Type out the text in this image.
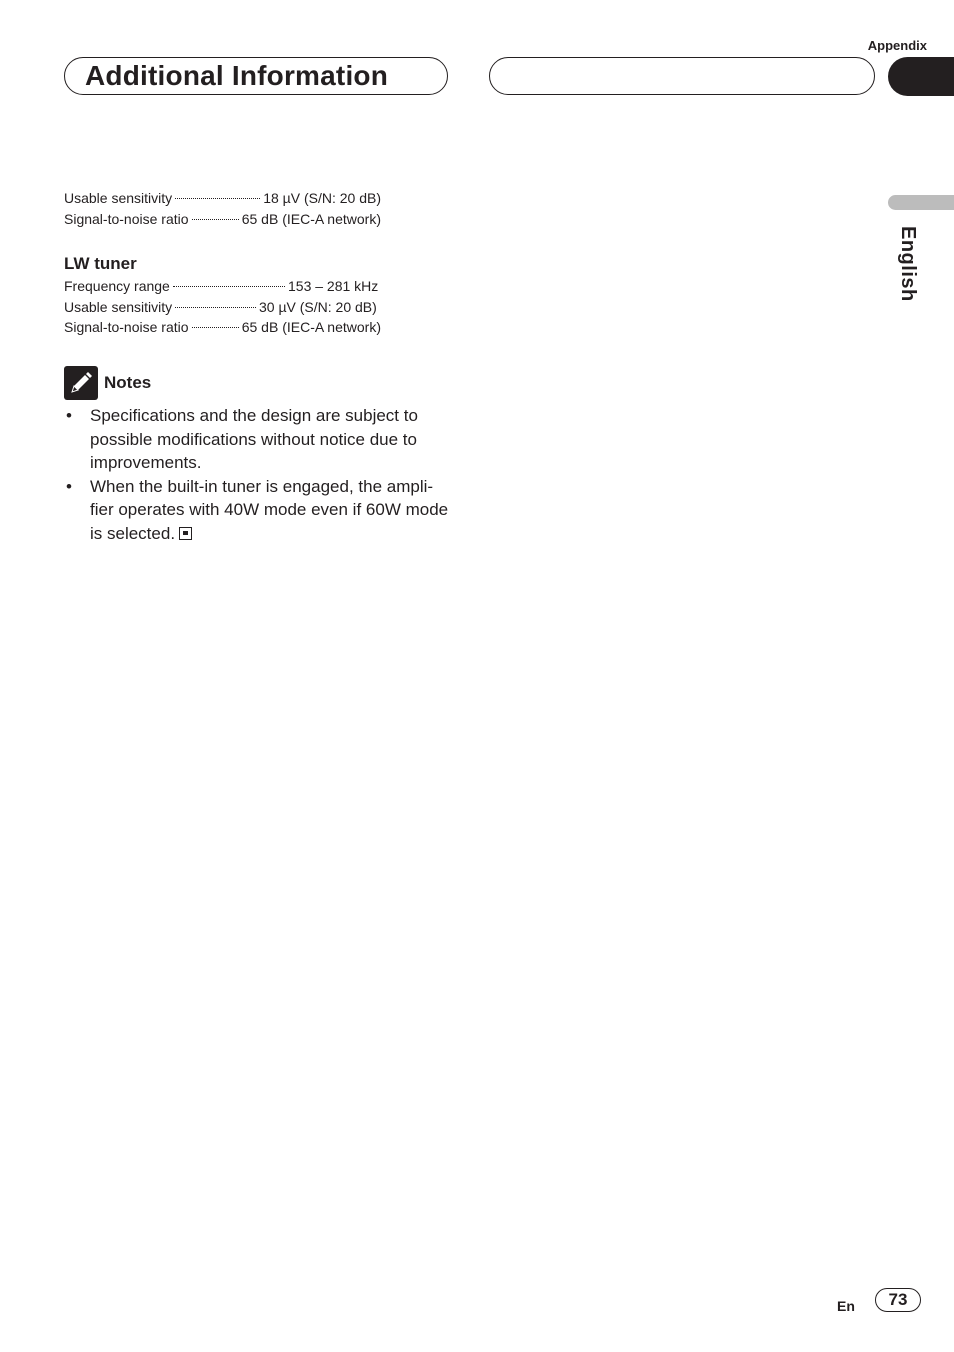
Appendix
Additional Information
English
Usable sensitivity	18 µV (S/N: 20 dB)
Signal-to-noise ratio	65 dB (IEC-A network)
LW tuner
Frequency range	153 – 281 kHz
Usable sensitivity	30 µV (S/N: 20 dB)
Signal-to-noise ratio	65 dB (IEC-A network)
Notes
• Specifications and the design are subject to possible modifications without notice due to improvements.
• When the built-in tuner is engaged, the ampli-fier operates with 40W mode even if 60W mode is selected.
En	73
